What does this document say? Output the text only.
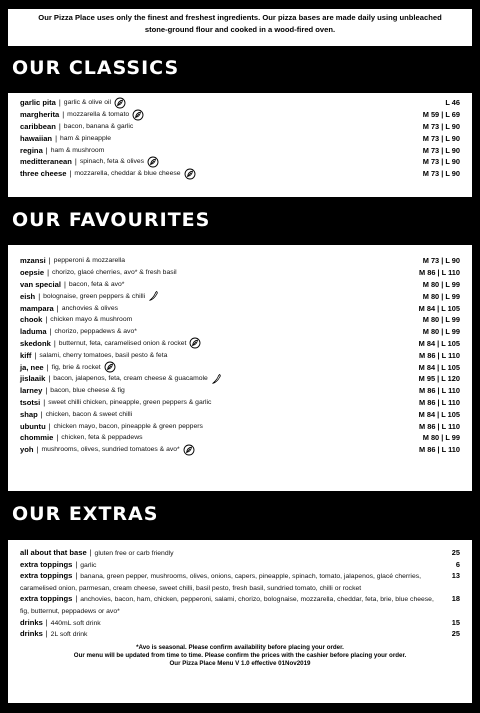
Our Pizza Place uses only the finest and freshest ingredients. Our pizza bases are made daily using unbleached
stone-ground flour and cooked in a wood-fired oven.
OUR CLASSICS
garlic pita | garlic & olive oil	L 46
margherita | mozzarella & tomato	M 59 | L 69
caribbean | bacon, banana & garlic	M 73 | L 90
hawaiian | ham & pineapple	M 73 | L 90
regina | ham & mushroom	M 73 | L 90
meditteranean | spinach, feta & olives	M 73 | L 90
three cheese | mozzarella, cheddar & blue cheese	M 73 | L 90
OUR FAVOURITES
mzansi | pepperoni & mozzarella	M 73 | L 90
oepsie | chorizo, glacé cherries, avo* & fresh basil	M 86 | L 110
van special | bacon, feta & avo*	M 80 | L 99
eish | bolognaise, green peppers & chilli	M 80 | L 99
mampara | anchovies & olives	M 84 | L 105
chook | chicken mayo & mushroom	M 80 | L 99
laduma | chorizo, peppadews & avo*	M 80 | L 99
skedonk | butternut, feta, caramelised onion & rocket	M 84 | L 105
kiff | salami, cherry tomatoes, basil pesto & feta	M 86 | L 110
ja, nee | fig, brie & rocket	M 84 | L 105
jislaaik | bacon, jalapenos, feta, cream cheese & guacamole	M 95 | L 120
larney | bacon, blue cheese & fig	M 86 | L 110
tsotsi | sweet chilli chicken, pineapple, green peppers & garlic	M 86 | L 110
shap | chicken, bacon & sweet chilli	M 84 | L 105
ubuntu | chicken mayo, bacon, pineapple & green peppers	M 86 | L 110
chommie | chicken, feta & peppadews	M 80 | L 99
yoh | mushrooms, olives, sundried tomatoes & avo*	M 86 | L 110
OUR EXTRAS
all about that base | gluten free or carb friendly	25
extra toppings | garlic	6
extra toppings | banana, green pepper, mushrooms, olives, onions, capers, pineapple, spinach, tomato, jalapenos, glacé cherries, caramelised onion, parmesan, cream cheese, sweet chilli, basil pesto, fresh basil, sundried tomato, chilli or rocket
13
extra toppings | anchovies, bacon, ham, chicken, pepperoni, salami, chorizo, bolognaise, mozzarella, cheddar, feta, brie, blue cheese, fig, butternut, peppadews or avo*
18
drinks | 440mL soft drink	15
drinks | 2L soft drink	25
*Avo is seasonal. Please confirm availability before placing your order.
Our menu will be updated from time to time. Please confirm the prices with the cashier before placing your order.
Our Pizza Place Menu V 1.0 effective 01Nov2019
